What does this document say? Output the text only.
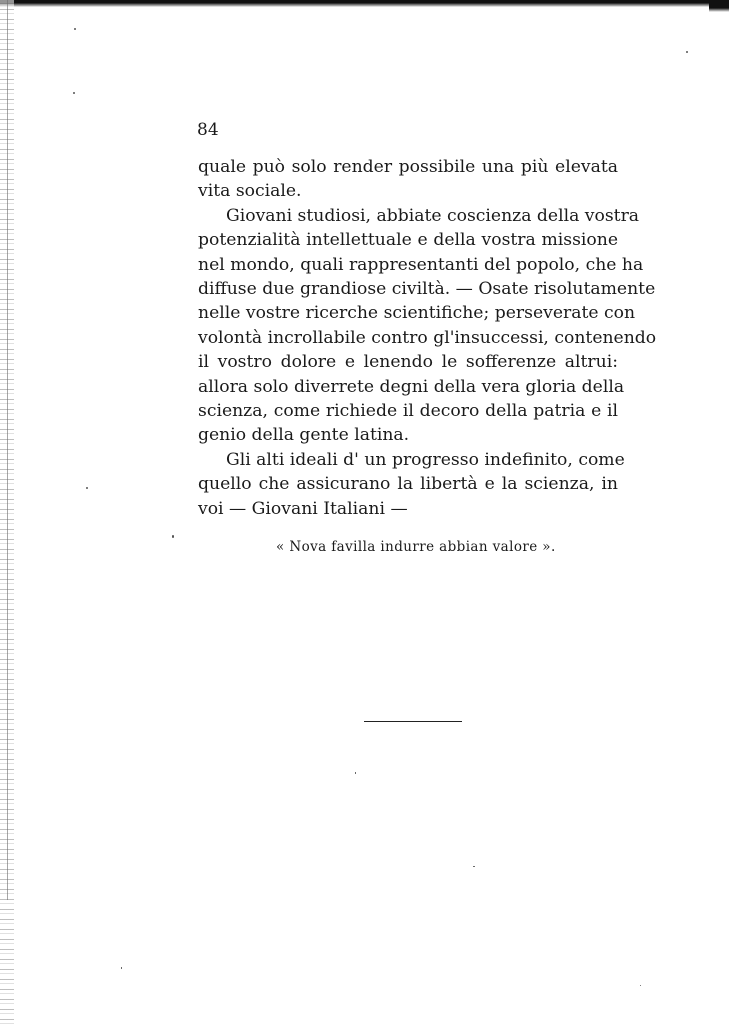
84
quale può solo render possibile una più elevata
vita sociale.
Giovani studiosi, abbiate coscienza della vostra
potenzialità intellettuale e della vostra missione
nel mondo, quali rappresentanti del popolo, che ha
diffuse due grandiose civiltà. — Osate risolutamente
nelle vostre ricerche scientifiche; perseverate con
volontà incrollabile contro gl'insuccessi, contenendo
il vostro dolore e lenendo le sofferenze altrui:
allora solo diverrete degni della vera gloria della
scienza, come richiede il decoro della patria e il
genio della gente latina.
Gli alti ideali d' un progresso indefinito, come
quello che assicurano la libertà e la scienza, in
voi — Giovani Italiani —
« Nova favilla indurre abbian valore ».
